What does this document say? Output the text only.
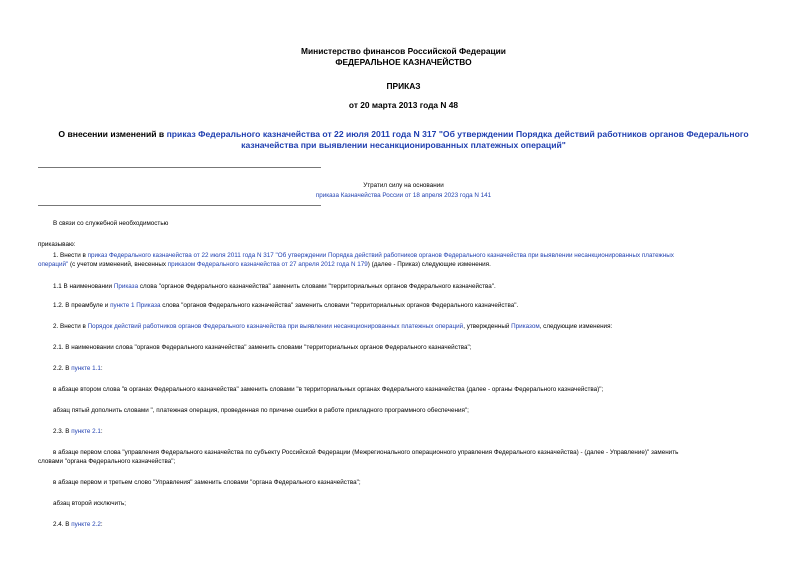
Министерство финансов Российской Федерации
ФЕДЕРАЛЬНОЕ КАЗНАЧЕЙСТВО
ПРИКАЗ
от 20 марта 2013 года N 48
О внесении изменений в приказ Федерального казначейства от 22 июля 2011 года N 317 "Об утверждении Порядка действий работников органов Федерального казначейства при выявлении несанкционированных платежных операций"
Утратил силу на основании
приказа Казначейства России от 18 апреля 2023 года N 141
В связи со служебной необходимостью
приказываю:
1. Внести в приказ Федерального казначейства от 22 июля 2011 года N 317 "Об утверждении Порядка действий работников органов Федерального казначейства при выявлении несанкционированных платежных
операций" (с учетом изменений, внесенных приказом Федерального казначейства от 27 апреля 2012 года N 179) (далее - Приказ) следующие изменения.
1.1 В наименовании Приказа слова "органов Федерального казначейства" заменить словами "территориальных органов Федерального казначейства".
1.2. В преамбуле и пункте 1 Приказа слова "органов Федерального казначейства" заменить словами "территориальных органов Федерального казначейства".
2. Внести в Порядок действий работников органов Федерального казначейства при выявлении несанкционированных платежных операций, утвержденный Приказом, следующие изменения:
2.1. В наименовании слова "органов Федерального казначейства" заменить словами "территориальных органов Федерального казначейства";
2.2. В пункте 1.1:
в абзаце втором слова "в органах Федерального казначейства" заменить словами "в территориальных органах Федерального казначейства (далее - органы Федерального казначейства)";
абзац пятый дополнить словами ", платежная операция, проведенная по причине ошибки в работе прикладного программного обеспечения";
2.3. В пункте 2.1:
в абзаце первом слова "управления Федерального казначейства по субъекту Российской Федерации (Межрегионального операционного управления Федерального казначейства) - (далее - Управление)" заменить
словами "органа Федерального казначейства";
в абзаце первом и третьем слово "Управления" заменить словами "органа Федерального казначейства";
абзац второй исключить;
2.4. В пункте 2.2:
